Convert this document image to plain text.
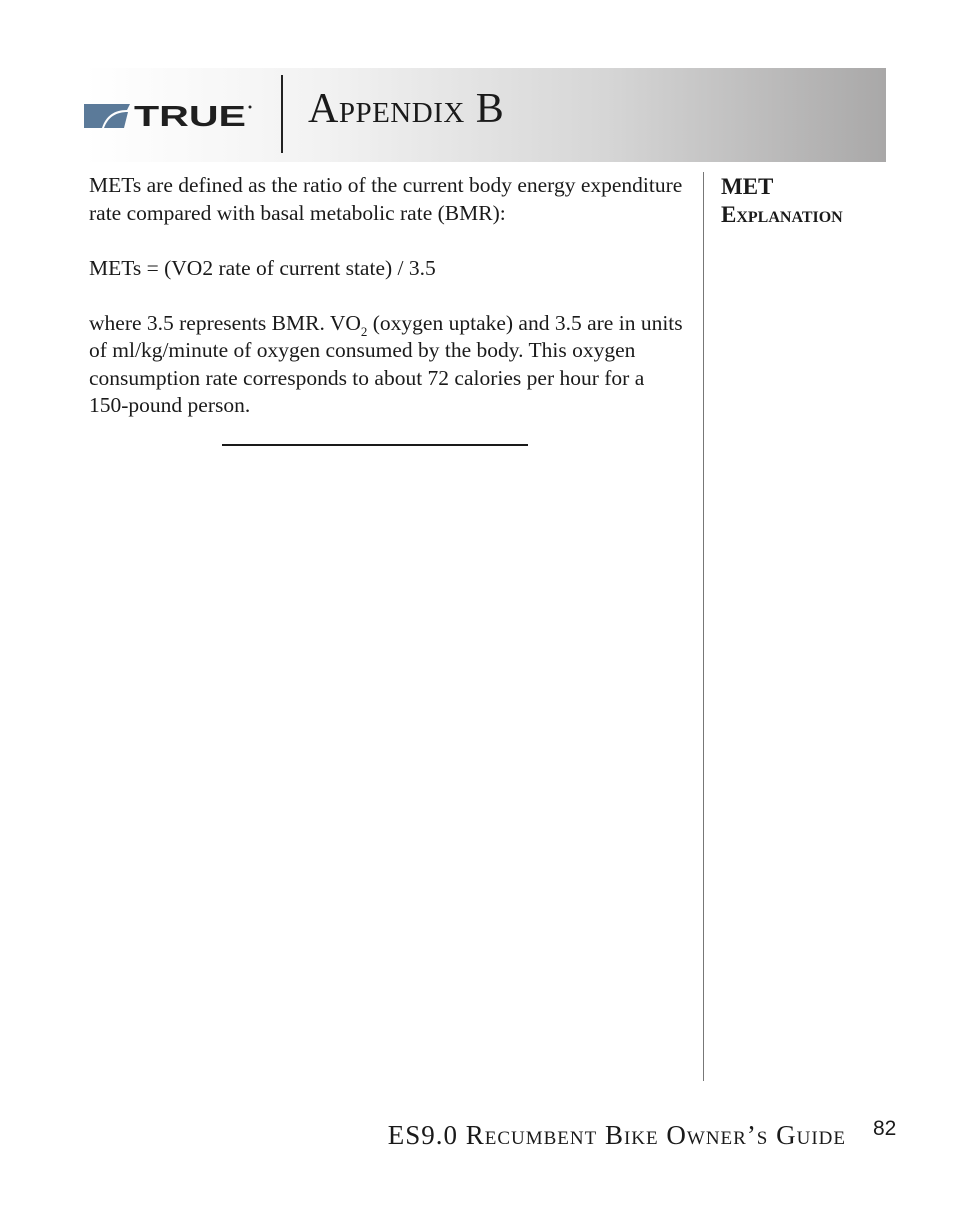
TRUE Appendix B

METs are defined as the ratio of the current body energy expenditure rate compared with basal metabolic rate (BMR):

METs = (VO2 rate of current state) / 3.5

where 3.5 represents BMR. $VO_2$ (oxygen uptake) and 3.5 are in units of ml/kg/minute of oxygen consumed by the body. This oxygen consumption rate corresponds to about 72 calories per hour for a 150-pound person.

MET
Explanation
ES9.0 Recumbent Bike Owner’s Guide 82
